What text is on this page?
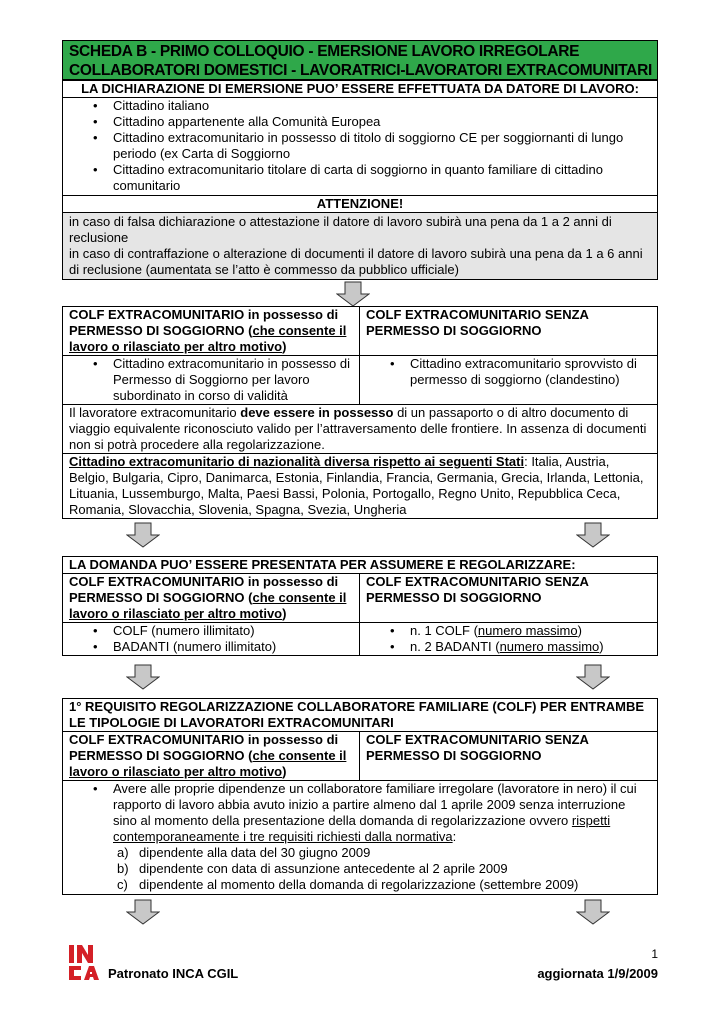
SCHEDA B - PRIMO COLLOQUIO - EMERSIONE LAVORO IRREGOLARE
COLLABORATORI DOMESTICI - LAVORATRICI-LAVORATORI EXTRACOMUNITARI
LA DICHIARAZIONE DI EMERSIONE PUO’ ESSERE EFFETTUATA DA DATORE DI LAVORO:
• Cittadino italiano
• Cittadino appartenente alla Comunità Europea
• Cittadino extracomunitario in possesso di titolo di soggiorno CE per soggiornanti di lungo periodo (ex Carta di Soggiorno
• Cittadino extracomunitario titolare di carta di soggiorno in quanto familiare di cittadino comunitario
ATTENZIONE!
in caso di falsa dichiarazione o attestazione il datore di lavoro subirà una pena da 1 a 2 anni di reclusione
in caso di contraffazione o alterazione di documenti il datore di lavoro subirà una pena da 1 a 6 anni di reclusione (aumentata se l’atto è commesso da pubblico ufficiale)
COLF EXTRACOMUNITARIO in possesso di PERMESSO DI SOGGIORNO (che consente il lavoro o rilasciato per altro motivo)
COLF EXTRACOMUNITARIO SENZA PERMESSO DI SOGGIORNO
• Cittadino extracomunitario in possesso di Permesso di Soggiorno per lavoro subordinato in corso di validità
• Cittadino extracomunitario sprovvisto di permesso di soggiorno (clandestino)
Il lavoratore extracomunitario deve essere in possesso di un passaporto o di altro documento di viaggio equivalente riconosciuto valido per l’attraversamento delle frontiere. In assenza di documenti non si potrà procedere alla regolarizzazione.
Cittadino extracomunitario di nazionalità diversa rispetto ai seguenti Stati: Italia, Austria, Belgio, Bulgaria, Cipro, Danimarca, Estonia, Finlandia, Francia, Germania, Grecia, Irlanda, Lettonia, Lituania, Lussemburgo, Malta, Paesi Bassi, Polonia, Portogallo, Regno Unito, Repubblica Ceca, Romania, Slovacchia, Slovenia, Spagna, Svezia, Ungheria
LA DOMANDA PUO’ ESSERE PRESENTATA PER ASSUMERE E REGOLARIZZARE:
COLF EXTRACOMUNITARIO in possesso di PERMESSO DI SOGGIORNO (che consente il lavoro o rilasciato per altro motivo)
COLF EXTRACOMUNITARIO SENZA PERMESSO DI SOGGIORNO
• COLF (numero illimitato)
• BADANTI (numero illimitato)
• n. 1 COLF (numero massimo)
• n. 2 BADANTI (numero massimo)
1° REQUISITO REGOLARIZZAZIONE COLLABORATORE FAMILIARE (COLF) PER ENTRAMBE LE TIPOLOGIE DI LAVORATORI EXTRACOMUNITARI
COLF EXTRACOMUNITARIO in possesso di PERMESSO DI SOGGIORNO (che consente il lavoro o rilasciato per altro motivo)
COLF EXTRACOMUNITARIO SENZA PERMESSO DI SOGGIORNO
• Avere alle proprie dipendenze un collaboratore familiare irregolare (lavoratore in nero) il cui rapporto di lavoro abbia avuto inizio a partire almeno dal 1 aprile 2009 senza interruzione sino al momento della presentazione della domanda di regolarizzazione ovvero rispetti contemporaneamente i tre requisiti richiesti dalla normativa:
a) dipendente alla data del 30 giugno 2009
b) dipendente con data di assunzione antecedente al 2 aprile 2009
c) dipendente al momento della domanda di regolarizzazione (settembre 2009)
1
Patronato INCA CGIL	aggiornata 1/9/2009
